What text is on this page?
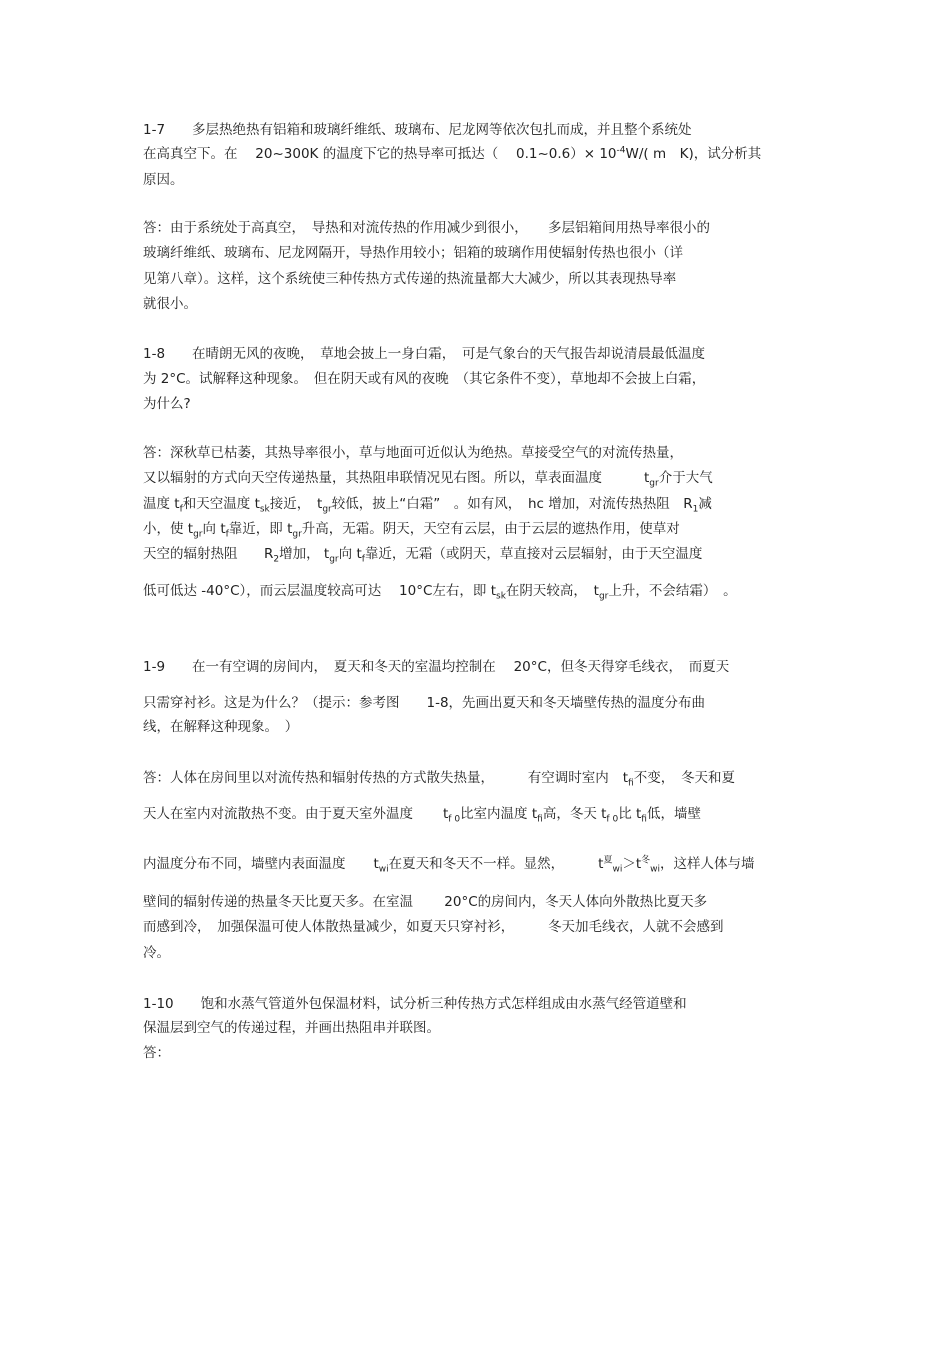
1-7　　多层热绝热有铝箱和玻璃纤维纸、玻璃布、尼龙网等依次包扎而成，并且整个系统处
在高真空下。在　 20~300K 的温度下它的热导率可抵达（　 0.1~0.6）× $10^{-4}W/$( m　K)，试分析其
原因。
答：由于系统处于高真空，　导热和对流传热的作用减少到很小，　　多层铝箱间用热导率很小的
玻璃纤维纸、玻璃布、尼龙网隔开，导热作用较小；铝箱的玻璃作用使辐射传热也很小（详
见第八章）。这样，这个系统使三种传热方式传递的热流量都大大减少，所以其表现热导率
就很小。
1-8　　在晴朗无风的夜晚，　草地会披上一身白霜，　可是气象台的天气报告却说清晨最低温度
为 2°C。试解释这种现象。　但在阴天或有风的夜晚　（其它条件不变），草地却不会披上白霜，
为什么?
答：深秋草已枯萎，其热导率很小，草与地面可近似认为绝热。草接受空气的对流传热量，
又以辐射的方式向天空传递热量，其热阻串联情况见右图。所以，草表面温度	$t_{gr}$介于大气
温度 $t_f$和天空温度 $t_{sk}$接近，　 $t_{gr}$较低，披上“白霜”　。如有风，　hc 增加，对流传热热阻　 $R_1$减
小，使 $t_{gr}$向 $t_f$靠近，即 $t_{gr}$升高，无霜。阴天，天空有云层，由于云层的遮热作用，使草对
天空的辐射热阻 $R_2$增加， $t_{gr}$向 $t_f$靠近，无霜（或阴天，草直接对云层辐射，由于天空温度
低可低达 -40°C），而云层温度较高可达　 10°C左右，即 $t_{sk}$在阴天较高，　 $t_{gr}$上升，不会结霜）　。
1-9　　在一有空调的房间内，　夏天和冬天的室温均控制在　 20°C，但冬天得穿毛线衣，　而夏天
只需穿衬衫。这是为什么？（提示：参考图　　1-8，先画出夏天和冬天墙壁传热的温度分布曲
线，在解释这种现象。　）
答：人体在房间里以对流传热和辐射传热的方式散失热量，　　　有空调时室内 $t_{fi}$不变，　冬天和夏
天人在室内对流散热不变。由于夏天室外温度 $t_{f 0}$比室内温度 $t_{fi}$高，冬天 $t_{f 0}$比 $t_{fi}$低，墙壁
内温度分布不同，墙壁内表面温度 $t_{wi}$在夏天和冬天不一样。显然，	$t^夏_{wi}>t^冬_{wi}$，这样人体与墙
壁间的辐射传递的热量冬天比夏天多。在室温　　 20°C的房间内，冬天人体向外散热比夏天多
而感到冷，　加强保温可使人体散热量减少，如夏天只穿衬衫，　　　冬天加毛线衣，人就不会感到
冷。
1-10　　饱和水蒸气管道外包保温材料，试分析三种传热方式怎样组成由水蒸气经管道壁和
保温层到空气的传递过程，并画出热阻串并联图。
答：
